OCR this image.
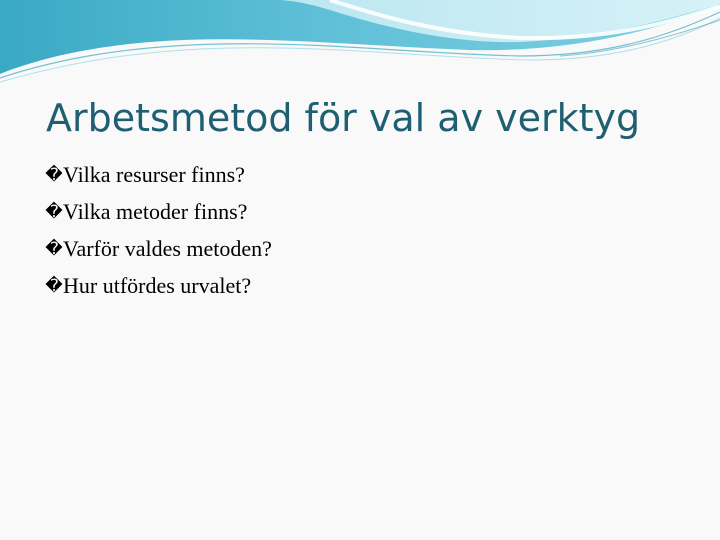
Arbetsmetod för val av verktyg
� Vilka resurser finns?
� Vilka metoder finns?
� Varför valdes metoden?
� Hur utfördes urvalet?
